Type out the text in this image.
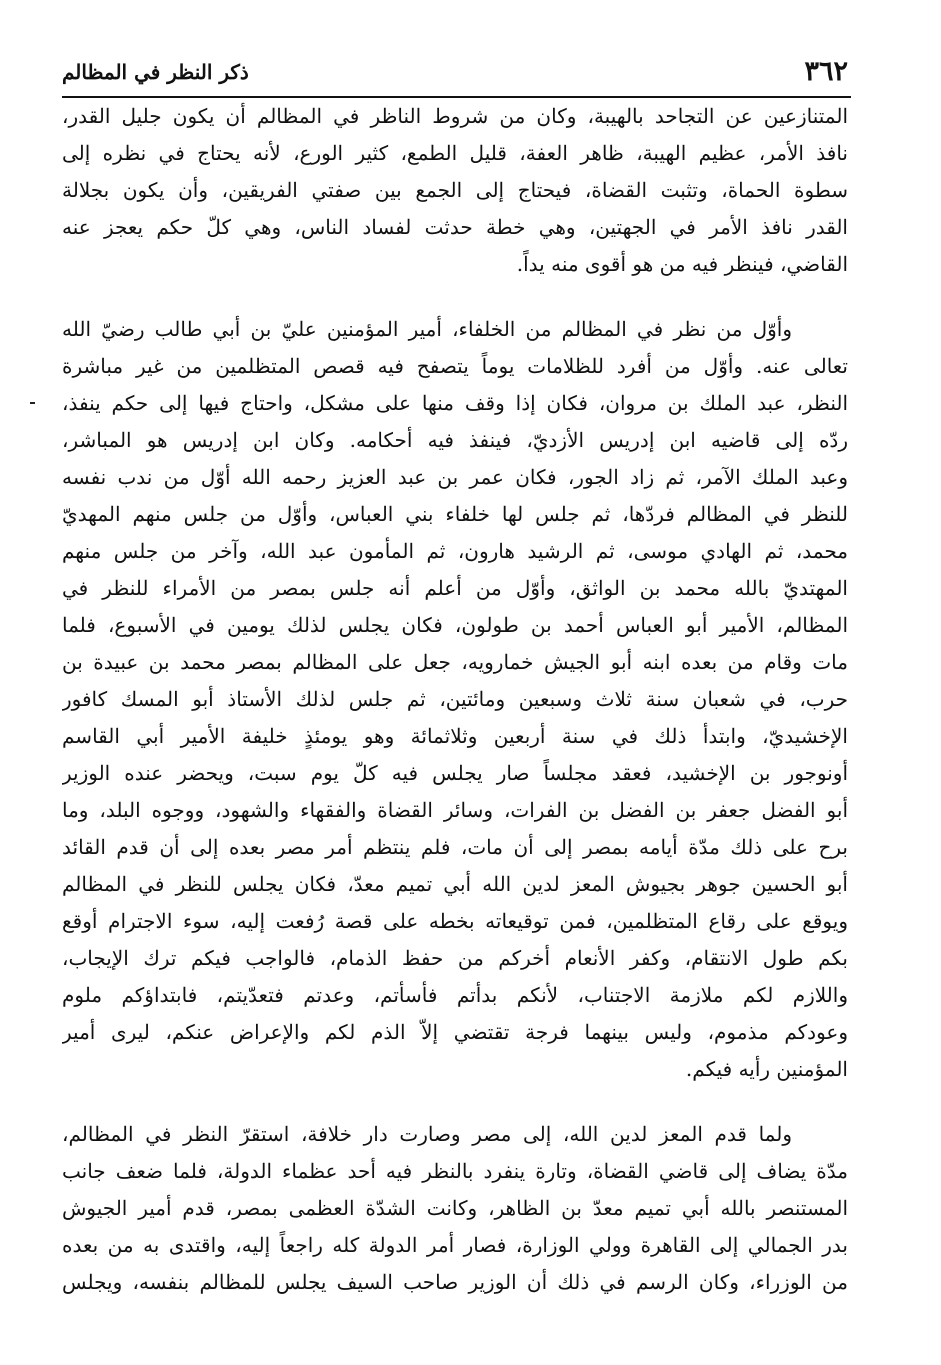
٣٦٢
ذكر النظر في المظالم
المتنازعين عن التجاحد بالهيبة، وكان من شروط الناظر في المظالم أن يكون جليل القدر،
نافذ الأمر، عظيم الهيبة، ظاهر العفة، قليل الطمع، كثير الورع، لأنه يحتاج في نظره إلى
سطوة الحماة، وتثبت القضاة، فيحتاج إلى الجمع بين صفتي الفريقين، وأن يكون بجلالة
القدر نافذ الأمر في الجهتين، وهي خطة حدثت لفساد الناس، وهي كلّ حكم يعجز عنه
القاضي، فينظر فيه من هو أقوى منه يداً.
وأوّل من نظر في المظالم من الخلفاء، أمير المؤمنين عليّ بن أبي طالب رضيّ الله
تعالى عنه. وأوّل من أفرد للظلامات يوماً يتصفح فيه قصص المتظلمين من غير مباشرة
النظر، عبد الملك بن مروان، فكان إذا وقف منها على مشكل، واحتاج فيها إلى حكم ينفذ،
ردّه إلى قاضيه ابن إدريس الأزديّ، فينفذ فيه أحكامه. وكان ابن إدريس هو المباشر،
وعبد الملك الآمر، ثم زاد الجور، فكان عمر بن عبد العزيز رحمه الله أوّل من ندب نفسه
للنظر في المظالم فردّها، ثم جلس لها خلفاء بني العباس، وأوّل من جلس منهم المهديّ
محمد، ثم الهادي موسى، ثم الرشيد هارون، ثم المأمون عبد الله، وآخر من جلس منهم
المهتديّ بالله محمد بن الواثق، وأوّل من أعلم أنه جلس بمصر من الأمراء للنظر في
المظالم، الأمير أبو العباس أحمد بن طولون، فكان يجلس لذلك يومين في الأسبوع، فلما
مات وقام من بعده ابنه أبو الجيش خمارويه، جعل على المظالم بمصر محمد بن عبيدة بن
حرب، في شعبان سنة ثلاث وسبعين ومائتين، ثم جلس لذلك الأستاذ أبو المسك كافور
الإخشيديّ، وابتدأ ذلك في سنة أربعين وثلاثمائة وهو يومئذٍ خليفة الأمير أبي القاسم
أونوجور بن الإخشيد، فعقد مجلساً صار يجلس فيه كلّ يوم سبت، ويحضر عنده الوزير
أبو الفضل جعفر بن الفضل بن الفرات، وسائر القضاة والفقهاء والشهود، ووجوه البلد، وما
برح على ذلك مدّة أيامه بمصر إلى أن مات، فلم ينتظم أمر مصر بعده إلى أن قدم القائد
أبو الحسين جوهر بجيوش المعز لدين الله أبي تميم معدّ، فكان يجلس للنظر في المظالم
ويوقع على رقاع المتظلمين، فمن توقيعاته بخطه على قصة رُفعت إليه، سوء الاجترام أوقع
بكم طول الانتقام، وكفر الأنعام أخركم من حفظ الذمام، فالواجب فيكم ترك الإيجاب،
واللازم لكم ملازمة الاجتناب، لأنكم بدأتم فأسأتم، وعدتم فتعدّيتم، فابتداؤكم ملوم
وعودكم مذموم، وليس بينهما فرجة تقتضي إلاّ الذم لكم والإعراض عنكم، ليرى أمير
المؤمنين رأيه فيكم.
ولما قدم المعز لدين الله، إلى مصر وصارت دار خلافة، استقرّ النظر في المظالم،
مدّة يضاف إلى قاضي القضاة، وتارة ينفرد بالنظر فيه أحد عظماء الدولة، فلما ضعف جانب
المستنصر بالله أبي تميم معدّ بن الظاهر، وكانت الشدّة العظمى بمصر، قدم أمير الجيوش
بدر الجمالي إلى القاهرة وولي الوزارة، فصار أمر الدولة كله راجعاً إليه، واقتدى به من بعده
من الوزراء، وكان الرسم في ذلك أن الوزير صاحب السيف يجلس للمظالم بنفسه، ويجلس
